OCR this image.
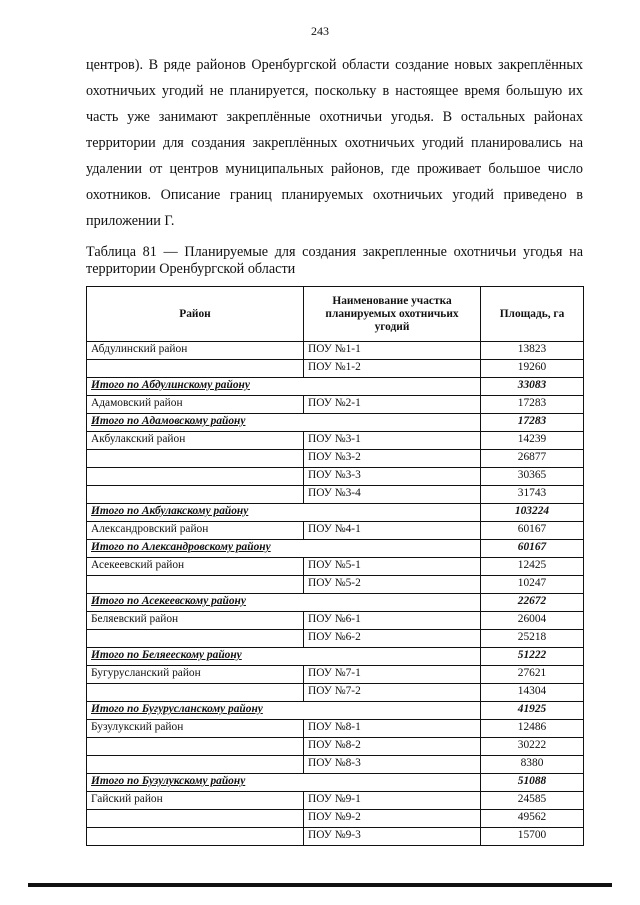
243
центров). В ряде районов Оренбургской области создание новых закреплённых охотничьих угодий не планируется, поскольку в настоящее время большую их часть уже занимают закреплённые охотничьи угодья. В остальных районах территории для создания закреплённых охотничьих угодий планировались на удалении от центров муниципальных районов, где проживает большое число охотников. Описание границ планируемых охотничьих угодий приведено в приложении Г.
Таблица 81 — Планируемые для создания закрепленные охотничьи угодья на территории Оренбургской области
Район	Наименование участка планируемых охотничьих угодий	Площадь, га
Абдулинский район	ПОУ №1-1	13823
	ПОУ №1-2	19260
Итого по Абдулинскому району		33083
Адамовский район	ПОУ №2-1	17283
Итого по Адамовскому району		17283
Акбулакский район	ПОУ №3-1	14239
	ПОУ №3-2	26877
	ПОУ №3-3	30365
	ПОУ №3-4	31743
Итого по Акбулакскому району		103224
Александровский район	ПОУ №4-1	60167
Итого по Александровскому району		60167
Асекеевский район	ПОУ №5-1	12425
	ПОУ №5-2	10247
Итого по Асекеевскому району		22672
Беляевский район	ПОУ №6-1	26004
	ПОУ №6-2	25218
Итого по Беляеескому району		51222
Бугурусланский район	ПОУ №7-1	27621
	ПОУ №7-2	14304
Итого по Бугурусланскому району		41925
Бузулукский район	ПОУ №8-1	12486
	ПОУ №8-2	30222
	ПОУ №8-3	8380
Итого по Бузулукскому району		51088
Гайский район	ПОУ №9-1	24585
	ПОУ №9-2	49562
	ПОУ №9-3	15700
